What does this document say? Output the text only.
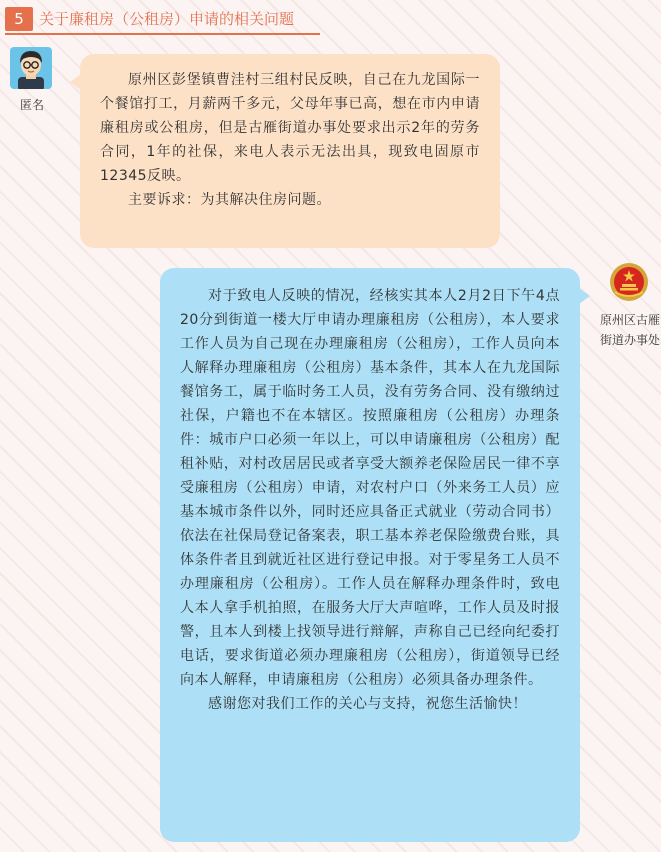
5	关于廉租房（公租房）申请的相关问题
匿名

原州区彭堡镇曹洼村三组村民反映，自己在九龙国际一个餐馆打工，月薪两千多元，父母年事已高，想在市内申请廉租房或公租房，但是古雁街道办事处要求出示2年的劳务合同，1年的社保，来电人表示无法出具，现致电固原市12345反映。

主要诉求：为其解决住房问题。

原州区古雁街道办事处

对于致电人反映的情况，经核实其本人2月2日下午4点20分到街道一楼大厅申请办理廉租房（公租房），本人要求工作人员为自己现在办理廉租房（公租房），工作人员向本人解释办理廉租房（公租房）基本条件，其本人在九龙国际餐馆务工，属于临时务工人员，没有劳务合同、没有缴纳过社保，户籍也不在本辖区。按照廉租房（公租房）办理条件：城市户口必须一年以上，可以申请廉租房（公租房）配租补贴，对村改居居民或者享受大额养老保险居民一律不享受廉租房（公租房）申请，对农村户口（外来务工人员）应基本城市条件以外，同时还应具备正式就业（劳动合同书）依法在社保局登记备案表，职工基本养老保险缴费台账，具体条件者且到就近社区进行登记申报。对于零星务工人员不办理廉租房（公租房）。工作人员在解释办理条件时，致电人本人拿手机拍照，在服务大厅大声喧哗，工作人员及时报警，且本人到楼上找领导进行辩解，声称自己已经向纪委打电话，要求街道必须办理廉租房（公租房），街道领导已经向本人解释，申请廉租房（公租房）必须具备办理条件。

感谢您对我们工作的关心与支持，祝您生活愉快！
